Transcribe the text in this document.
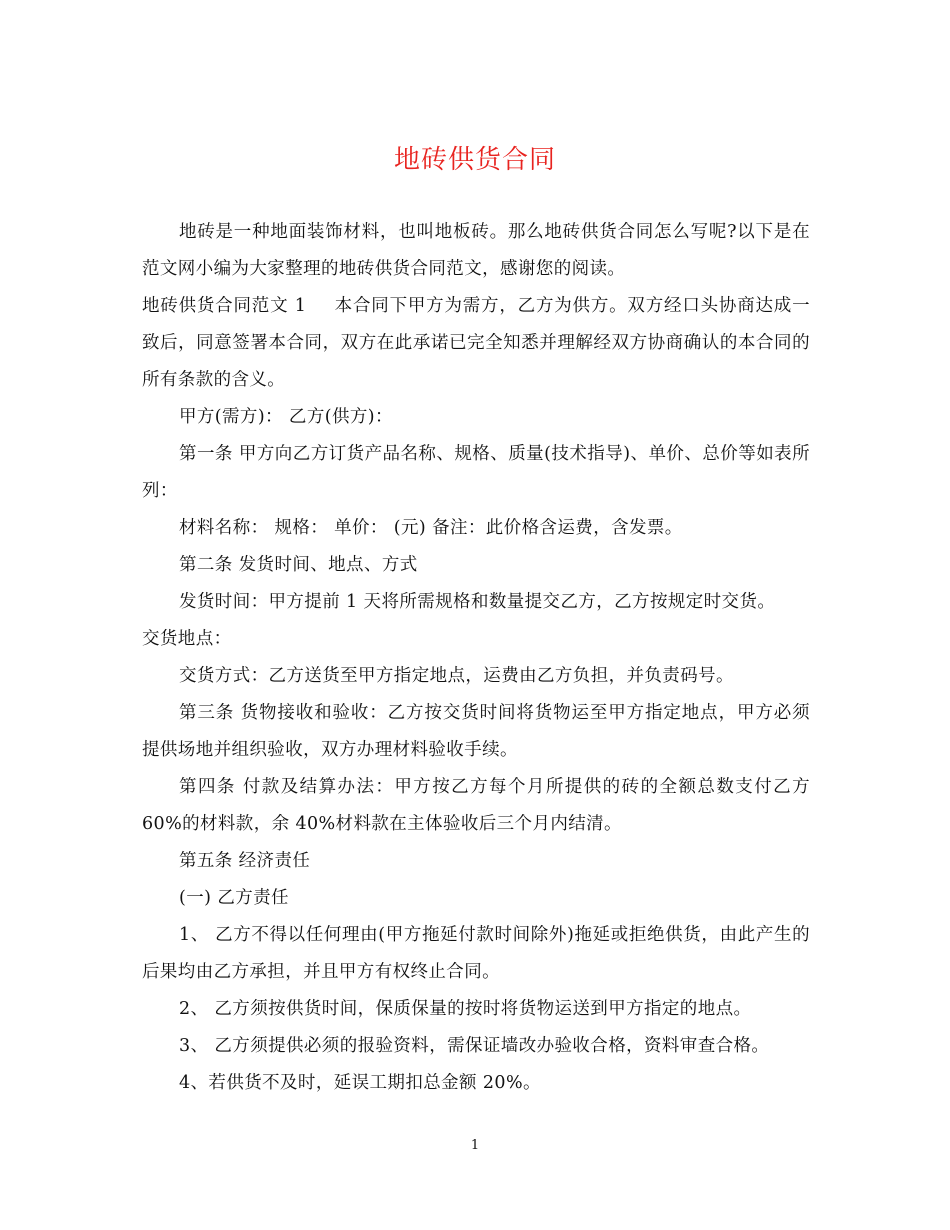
地砖供货合同

地砖是一种地面装饰材料，也叫地板砖。那么地砖供货合同怎么写呢?以下是在范文网小编为大家整理的地砖供货合同范文，感谢您的阅读。

地砖供货合同范文 1 本合同下甲方为需方，乙方为供方。双方经口头协商达成一致后，同意签署本合同，双方在此承诺已完全知悉并理解经双方协商确认的本合同的所有条款的含义。

甲方(需方)： 乙方(供方)：

第一条 甲方向乙方订货产品名称、规格、质量(技术指导)、单价、总价等如表所列：

材料名称： 规格： 单价： (元) 备注：此价格含运费，含发票。

第二条 发货时间、地点、方式

发货时间：甲方提前 1 天将所需规格和数量提交乙方，乙方按规定时交货。

交货地点：

交货方式：乙方送货至甲方指定地点，运费由乙方负担，并负责码号。

第三条 货物接收和验收：乙方按交货时间将货物运至甲方指定地点，甲方必须提供场地并组织验收，双方办理材料验收手续。

第四条 付款及结算办法：甲方按乙方每个月所提供的砖的全额总数支付乙方 60%的材料款，余 40%材料款在主体验收后三个月内结清。

第五条 经济责任

(一) 乙方责任

1、 乙方不得以任何理由(甲方拖延付款时间除外)拖延或拒绝供货，由此产生的后果均由乙方承担，并且甲方有权终止合同。

2、 乙方须按供货时间，保质保量的按时将货物运送到甲方指定的地点。

3、 乙方须提供必须的报验资料，需保证墙改办验收合格，资料审查合格。

4、若供货不及时，延误工期扣总金额 20%。

1
